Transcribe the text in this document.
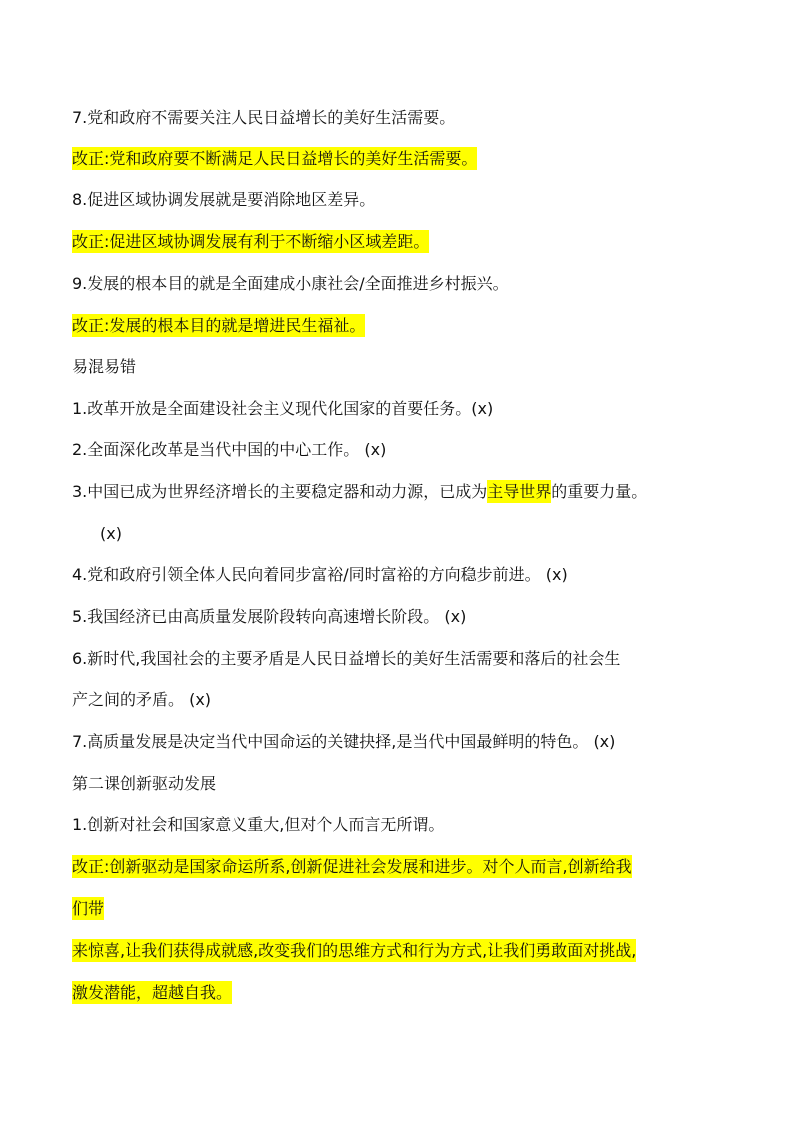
7.党和政府不需要关注人民日益增长的美好生活需要。
改正:党和政府要不断满足人民日益增长的美好生活需要。
8.促进区域协调发展就是要消除地区差异。
改正:促进区域协调发展有利于不断缩小区域差距。
9.发展的根本目的就是全面建成小康社会/全面推进乡村振兴。
改正:发展的根本目的就是增进民生福祉。
易混易错
1.改革开放是全面建设社会主义现代化国家的首要任务。(x)
2.全面深化改革是当代中国的中心工作。 (x)
3.中国已成为世界经济增长的主要稳定器和动力源，已成为主导世界的重要力量。
(x)
4.党和政府引领全体人民向着同步富裕/同时富裕的方向稳步前进。 (x)
5.我国经济已由高质量发展阶段转向高速增长阶段。 (x)
6.新时代,我国社会的主要矛盾是人民日益增长的美好生活需要和落后的社会生
产之间的矛盾。 (x)
7.高质量发展是决定当代中国命运的关键抉择,是当代中国最鲜明的特色。 (x)
第二课创新驱动发展
1.创新对社会和国家意义重大,但对个人而言无所谓。
改正:创新驱动是国家命运所系,创新促进社会发展和进步。对个人而言,创新给我
们带
来惊喜,让我们获得成就感,改变我们的思维方式和行为方式,让我们勇敢面对挑战,
激发潜能，超越自我。
